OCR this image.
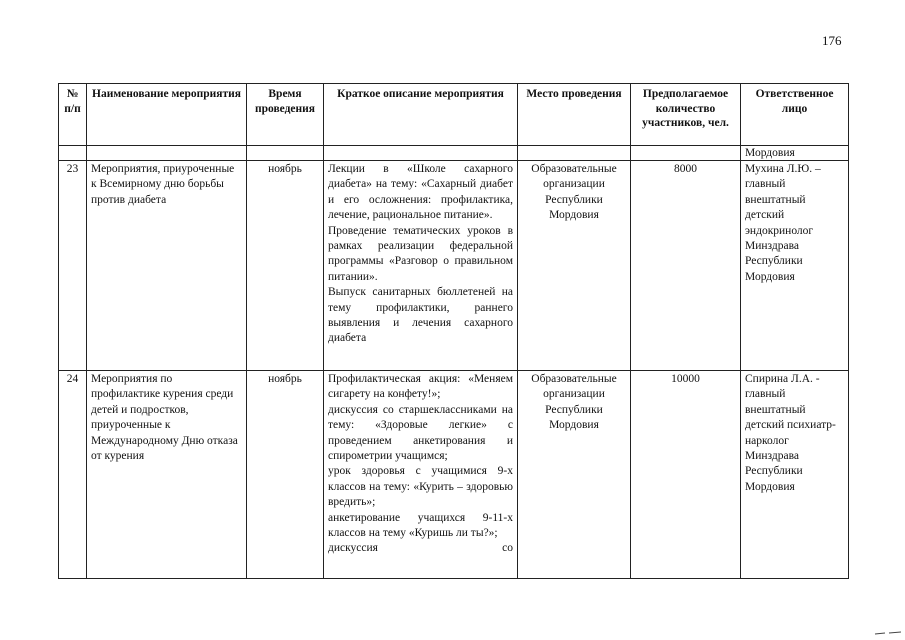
176
№
п/п	Наименование мероприятия	Время проведения	Краткое описание мероприятия	Место проведения	Предполагаемое количество участников, чел.	Ответственное лицо
						Мордовия
23	Мероприятия, приуроченные к Всемирному дню борьбы против диабета	ноябрь	Лекции в «Школе сахарного диабета» на тему: «Сахарный диабет и его осложнения: профилактика, лечение, рациональное питание».

Проведение тематических уроков в рамках реализации федеральной программы «Разговор о правильном питании».

Выпуск санитарных бюллетеней на тему профилактики, раннего выявления и лечения сахарного диабета	Образовательные организации Республики Мордовия	8000	Мухина Л.Ю. – главный внештатный детский эндокринолог Минздрава Республики Мордовия
24	Мероприятия по профилактике курения среди детей и подростков, приуроченные к Международному Дню отказа от курения	ноябрь	Профилактическая акция: «Меняем сигарету на конфету!»;

дискуссия со старшеклассниками на тему: «Здоровые легкие» с проведением анкетирования и спирометрии учащимся;

урок здоровья с учащимися 9-х классов на тему: «Курить – здоровью вредить»;

анкетирование учащихся 9-11-х классов на тему «Куришь ли ты?»;

дискуссия со	Образовательные организации Республики Мордовия	10000	Спирина Л.А. - главный внештатный детский психиатр-нарколог Минздрава Республики Мордовия
